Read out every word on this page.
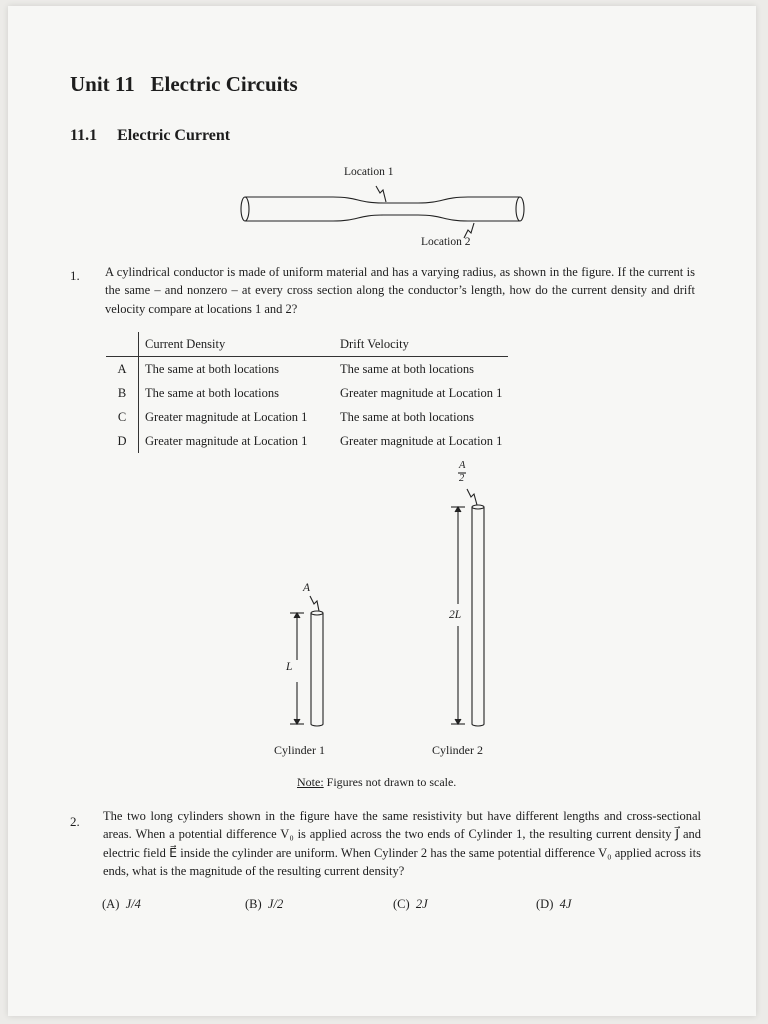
Unit 11   Electric Circuits
11.1     Electric Current
Location 1
Location 2
1. A cylindrical conductor is made of uniform material and has a varying radius, as shown in the figure. If the current is the same – and nonzero – at every cross section along the conductor’s length, how do the current density and drift velocity compare at locations 1 and 2?
	Current Density	Drift Velocity
A	The same at both locations	The same at both locations
B	The same at both locations	Greater magnitude at Location 1
C	Greater magnitude at Location 1	The same at both locations
D	Greater magnitude at Location 1	Greater magnitude at Location 1
A
L
A
2
2L
Cylinder 1	Cylinder 2
Note: Figures not drawn to scale.
2. The two long cylinders shown in the figure have the same resistivity but have different lengths and cross-sectional areas. When a potential difference V₀ is applied across the two ends of Cylinder 1, the resulting current density J⃗ and electric field E⃗ inside the cylinder are uniform. When Cylinder 2 has the same potential difference V₀ applied across its ends, what is the magnitude of the resulting current density?
(A) J/4	(B) J/2	(C) 2J	(D) 4J
